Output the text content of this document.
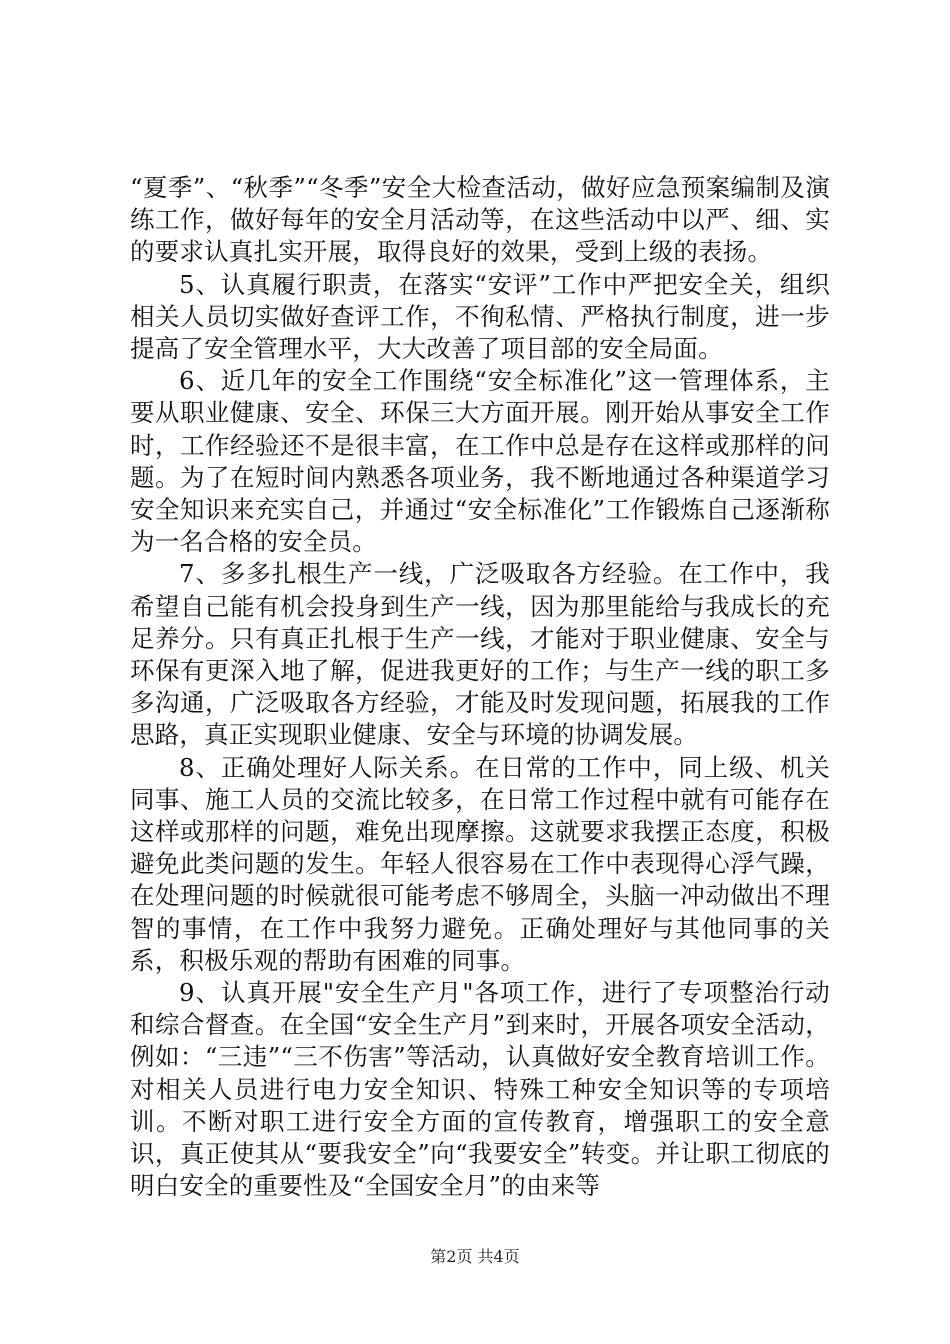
“夏季”、“秋季”“冬季”安全大检查活动，做好应急预案编制及演练工作，做好每年的安全月活动等，在这些活动中以严、细、实的要求认真扎实开展，取得良好的效果，受到上级的表扬。

5、认真履行职责，在落实“安评”工作中严把安全关，组织相关人员切实做好查评工作，不徇私情、严格执行制度，进一步提高了安全管理水平，大大改善了项目部的安全局面。

6、近几年的安全工作围绕“安全标准化”这一管理体系，主要从职业健康、安全、环保三大方面开展。刚开始从事安全工作时，工作经验还不是很丰富，在工作中总是存在这样或那样的问题。为了在短时间内熟悉各项业务，我不断地通过各种渠道学习安全知识来充实自己，并通过“安全标准化”工作锻炼自己逐渐称为一名合格的安全员。

7、多多扎根生产一线，广泛吸取各方经验。在工作中，我希望自己能有机会投身到生产一线，因为那里能给与我成长的充足养分。只有真正扎根于生产一线，才能对于职业健康、安全与环保有更深入地了解，促进我更好的工作；与生产一线的职工多多沟通，广泛吸取各方经验，才能及时发现问题，拓展我的工作思路，真正实现职业健康、安全与环境的协调发展。

8、正确处理好人际关系。在日常的工作中，同上级、机关同事、施工人员的交流比较多，在日常工作过程中就有可能存在这样或那样的问题，难免出现摩擦。这就要求我摆正态度，积极避免此类问题的发生。年轻人很容易在工作中表现得心浮气躁，在处理问题的时候就很可能考虑不够周全，头脑一冲动做出不理智的事情，在工作中我努力避免。正确处理好与其他同事的关系，积极乐观的帮助有困难的同事。

9、认真开展"安全生产月"各项工作，进行了专项整治行动和综合督查。在全国“安全生产月”到来时，开展各项安全活动，例如：“三违”“三不伤害”等活动，认真做好安全教育培训工作。对相关人员进行电力安全知识、特殊工种安全知识等的专项培训。不断对职工进行安全方面的宣传教育，增强职工的安全意识，真正使其从“要我安全”向“我要安全”转变。并让职工彻底的明白安全的重要性及“全国安全月”的由来等

第2页 共4页
